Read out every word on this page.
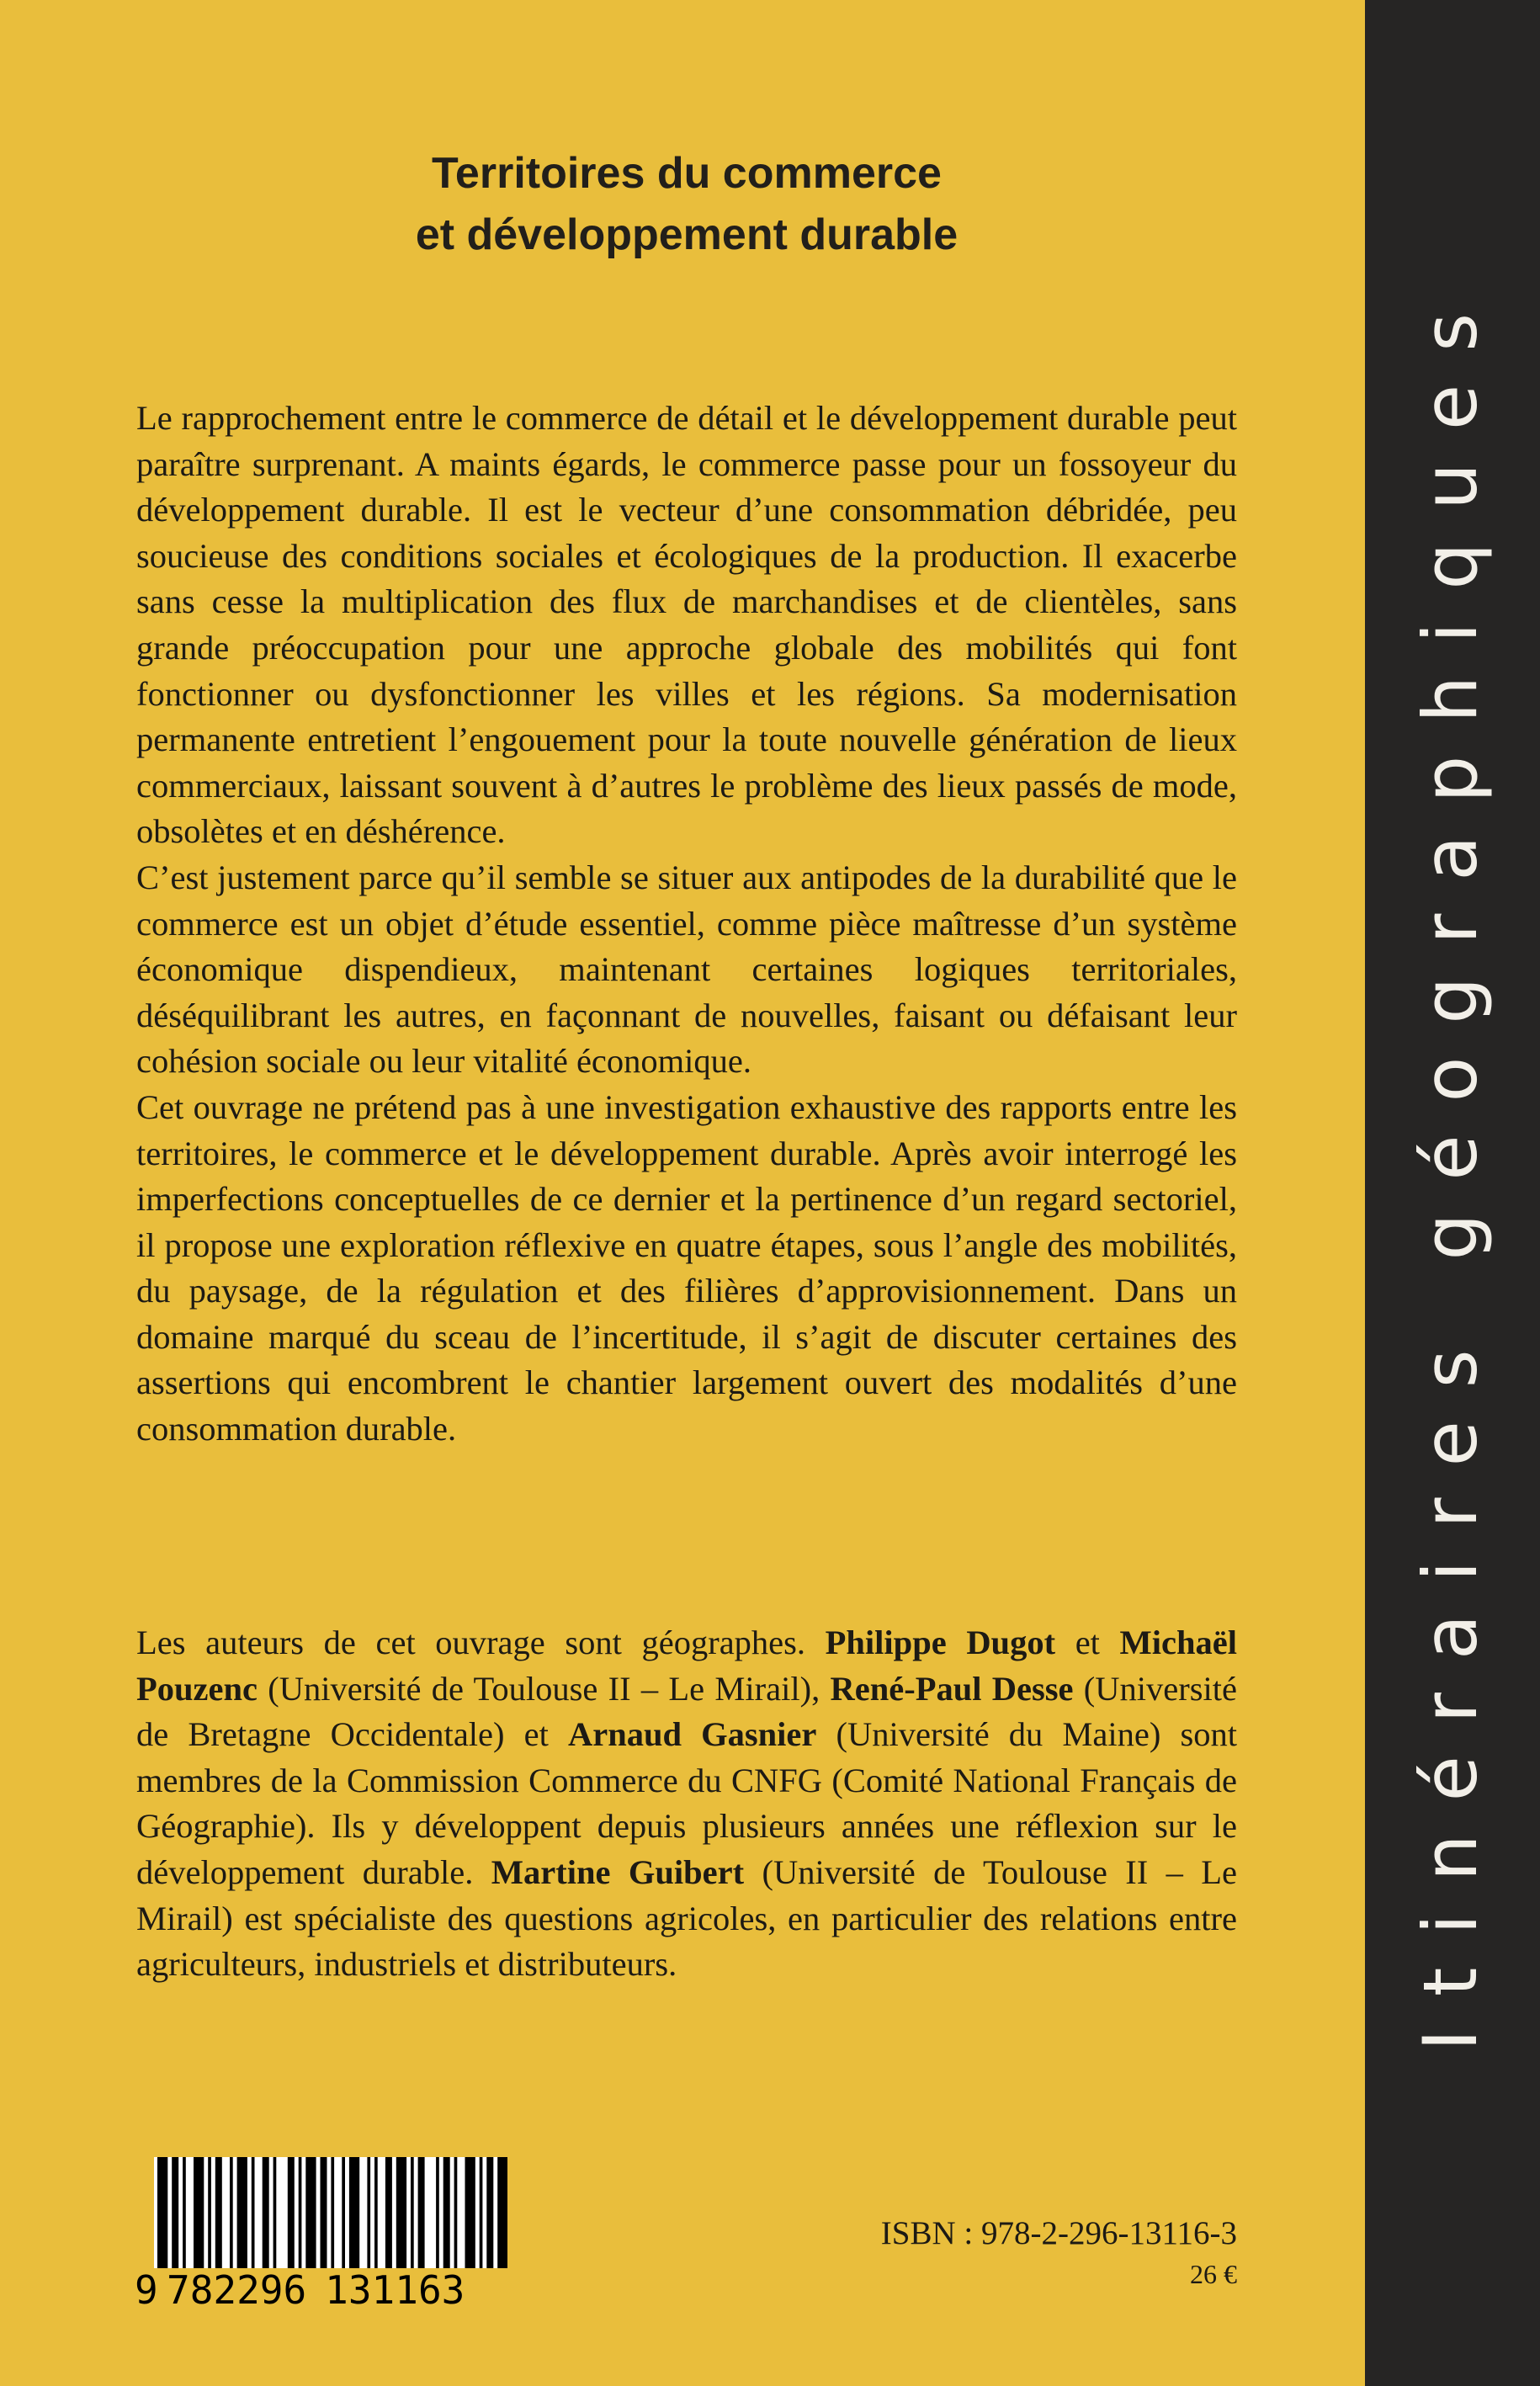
Territoires du commerce
et développement durable

Le rapprochement entre le commerce de détail et le développement durable peut paraître surprenant. A maints égards, le commerce passe pour un fossoyeur du développement durable. Il est le vecteur d’une consommation débridée, peu soucieuse des conditions sociales et écologiques de la production. Il exacerbe sans cesse la multiplication des flux de marchandises et de clientèles, sans grande préoccupation pour une approche globale des mobilités qui font fonctionner ou dysfonctionner les villes et les régions. Sa modernisation permanente entretient l’engouement pour la toute nouvelle génération de lieux commerciaux, laissant souvent à d’autres le problème des lieux passés de mode, obsolètes et en déshérence.

C’est justement parce qu’il semble se situer aux antipodes de la durabilité que le commerce est un objet d’étude essentiel, comme pièce maîtresse d’un système économique dispendieux, maintenant certaines logiques territoriales, déséquilibrant les autres, en façonnant de nouvelles, faisant ou défaisant leur cohésion sociale ou leur vitalité économique.

Cet ouvrage ne prétend pas à une investigation exhaustive des rapports entre les territoires, le commerce et le développement durable. Après avoir interrogé les imperfections conceptuelles de ce dernier et la pertinence d’un regard sectoriel, il propose une exploration réflexive en quatre étapes, sous l’angle des mobilités, du paysage, de la régulation et des filières d’approvisionnement. Dans un domaine marqué du sceau de l’incertitude, il s’agit de discuter certaines des assertions qui encombrent le chantier largement ouvert des modalités d’une consommation durable.

Les auteurs de cet ouvrage sont géographes. Philippe Dugot et Michaël Pouzenc (Université de Toulouse II – Le Mirail), René-Paul Desse (Université de Bretagne Occidentale) et Arnaud Gasnier (Université du Maine) sont membres de la Commission Commerce du CNFG (Comité National Français de Géographie). Ils y développent depuis plusieurs années une réflexion sur le développement durable. Martine Guibert (Université de Toulouse II – Le Mirail) est spécialiste des questions agricoles, en particulier des relations entre agriculteurs, industriels et distributeurs.

9 782296 131163
ISBN : 978-2-296-13116-3
26 €
Itinéraires géographiques
